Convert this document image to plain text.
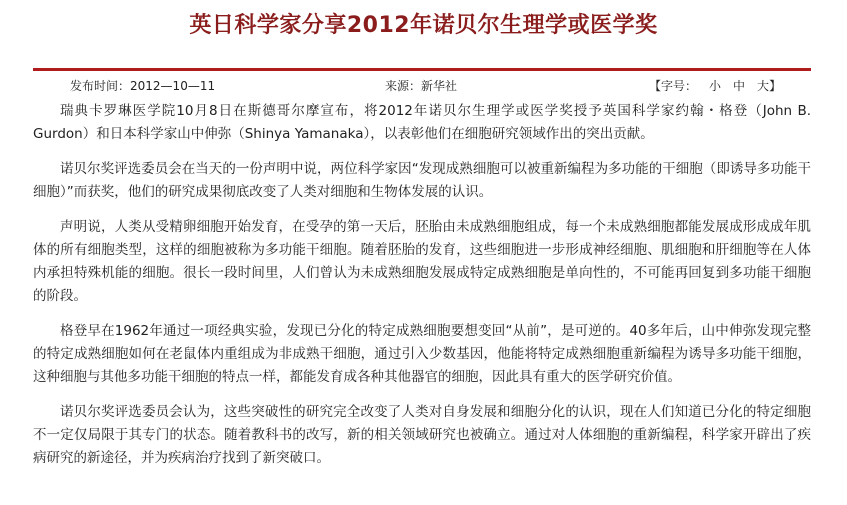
英日科学家分享2012年诺贝尔生理学或医学奖
发布时间：2012—10—11	来源：新华社	【字号： 小 中 大】

瑞典卡罗琳医学院10月8日在斯德哥尔摩宣布，将2012年诺贝尔生理学或医学奖授予英国科学家约翰・格登（John B. Gurdon）和日本科学家山中伸弥（Shinya Yamanaka），以表彰他们在细胞研究领域作出的突出贡献。

诺贝尔奖评选委员会在当天的一份声明中说，两位科学家因“发现成熟细胞可以被重新编程为多功能的干细胞（即诱导多功能干细胞）”而获奖，他们的研究成果彻底改变了人类对细胞和生物体发展的认识。

声明说，人类从受精卵细胞开始发育，在受孕的第一天后，胚胎由未成熟细胞组成，每一个未成熟细胞都能发展成形成成年肌体的所有细胞类型，这样的细胞被称为多功能干细胞。随着胚胎的发育，这些细胞进一步形成神经细胞、肌细胞和肝细胞等在人体内承担特殊机能的细胞。很长一段时间里，人们曾认为未成熟细胞发展成特定成熟细胞是单向性的，不可能再回复到多功能干细胞的阶段。

格登早在1962年通过一项经典实验，发现已分化的特定成熟细胞要想变回“从前”，是可逆的。40多年后，山中伸弥发现完整的特定成熟细胞如何在老鼠体内重组成为非成熟干细胞，通过引入少数基因，他能将特定成熟细胞重新编程为诱导多功能干细胞，这种细胞与其他多功能干细胞的特点一样，都能发育成各种其他器官的细胞，因此具有重大的医学研究价值。

诺贝尔奖评选委员会认为，这些突破性的研究完全改变了人类对自身发展和细胞分化的认识，现在人们知道已分化的特定细胞不一定仅局限于其专门的状态。随着教科书的改写，新的相关领域研究也被确立。通过对人体细胞的重新编程，科学家开辟出了疾病研究的新途径，并为疾病治疗找到了新突破口。
